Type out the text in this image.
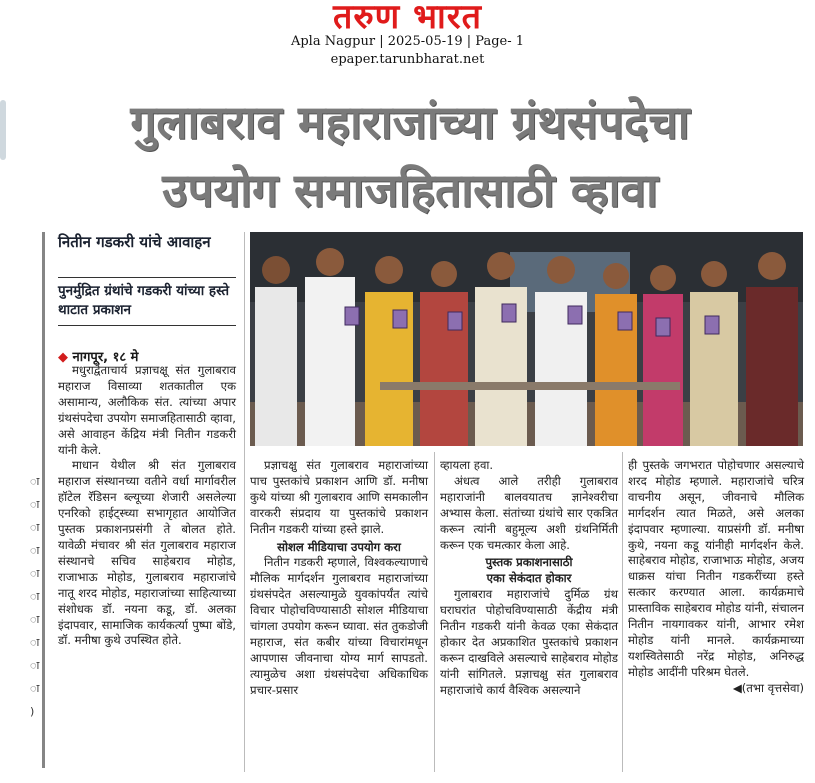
तरुण भारत
Apla Nagpur | 2025-05-19 | Page- 1
epaper.tarunbharat.net
गुलाबराव महाराजांच्या ग्रंथसंपदेचा
उपयोग समाजहितासाठी व्हावा
नितीन गडकरी यांचे आवाहन
पुनर्मुद्रित ग्रंथांचे गडकरी यांच्या हस्ते थाटात प्रकाशन
◆ नागपूर, १८ मे

मधुराद्वैताचार्य प्रज्ञाचक्षू संत गुलाबराव महाराज विसाव्या शतकातील एक असामान्य, अलौकिक संत. त्यांच्या अपार ग्रंथसंपदेचा उपयोग समाजहितासाठी व्हावा, असे आवाहन केंद्रिय मंत्री नितीन गडकरी यांनी केले.

माधान येथील श्री संत गुलाबराव महाराज संस्थानच्या वतीने वर्धा मार्गावरील हॉटेल रॅडिसन ब्ल्यूच्या शेजारी असलेल्या एनरिको हाईट्स्च्या सभागृहात आयोजित पुस्तक प्रकाशनप्रसंगी ते बोलत होते. यावेळी मंचावर श्री संत गुलाबराव महाराज संस्थानचे सचिव साहेबराव मोहोड, राजाभाऊ मोहोड, गुलाबराव महाराजांचे नातू शरद मोहोड, महाराजांच्या साहित्याच्या संशोधक डॉ. नयना कडू, डॉ. अलका इंदापवार, सामाजिक कार्यकर्त्या पुष्पा बोंडे, डॉ. मनीषा कुथे उपस्थित होते.

प्रज्ञाचक्षु संत गुलाबराव महाराजांच्या पाच पुस्तकांचे प्रकाशन आणि डॉ. मनीषा कुथे यांच्या श्री गुलाबराव आणि समकालीन वारकरी संप्रदाय या पुस्तकांचे प्रकाशन नितीन गडकरी यांच्या हस्ते झाले.

सोशल मीडियाचा उपयोग करा

नितीन गडकरी म्हणाले, विश्वकल्याणाचे मौलिक मार्गदर्शन गुलाबराव महाराजांच्या ग्रंथसंपदेत असल्यामुळे युवकांपर्यंत त्यांचे विचार पोहोचविण्यासाठी सोशल मीडियाचा चांगला उपयोग करून घ्यावा. संत तुकडोजी महाराज, संत कबीर यांच्या विचारांमधून आपणास जीवनाचा योग्य मार्ग सापडतो. त्यामुळेच अशा ग्रंथसंपदेचा अधिकाधिक प्रचार-प्रसार

व्हायला हवा.

अंधत्व आले तरीही गुलाबराव महाराजांनी बालवयातच ज्ञानेश्वरीचा अभ्यास केला. संतांच्या ग्रंथांचे सार एकत्रित करून त्यांनी बहुमूल्य अशी ग्रंथनिर्मिती करून एक चमत्कार केला आहे.

पुस्तक प्रकाशनासाठी
एका सेकंदात होकार

गुलाबराव महाराजांचे दुर्मिळ ग्रंथ घराघरांत पोहोचविण्यासाठी केंद्रीय मंत्री नितीन गडकरी यांनी केवळ एका सेकंदात होकार देत अप्रकाशित पुस्तकांचे प्रकाशन करून दाखविले असल्याचे साहेबराव मोहोड यांनी सांगितले. प्रज्ञाचक्षु संत गुलाबराव महाराजांचे कार्य वैश्विक असल्याने

ही पुस्तके जगभरात पोहोचणार असल्याचे शरद मोहोड म्हणाले. महाराजांचे चरित्र वाचनीय असून, जीवनाचे मौलिक मार्गदर्शन त्यात मिळते, असे अलका इंदापवार म्हणाल्या. याप्रसंगी डॉ. मनीषा कुथे, नयना कडू यांनीही मार्गदर्शन केले. साहेबराव मोहोड, राजाभाऊ मोहोड, अजय धाक्रस यांचा नितीन गडकरींच्या हस्ते सत्कार करण्यात आला. कार्यक्रमाचे प्रास्ताविक साहेबराव मोहोड यांनी, संचालन नितीन नायगावकर यांनी, आभार रमेश मोहोड यांनी मानले. कार्यक्रमाच्या यशस्वितेसाठी नरेंद्र मोहोड, अनिरुद्ध मोहोड आदींनी परिश्रम घेतले.

◀(तभा वृत्तसेवा)
ा
ा
ा
ा
ा
ा
ा
ा
ा
ा
)
